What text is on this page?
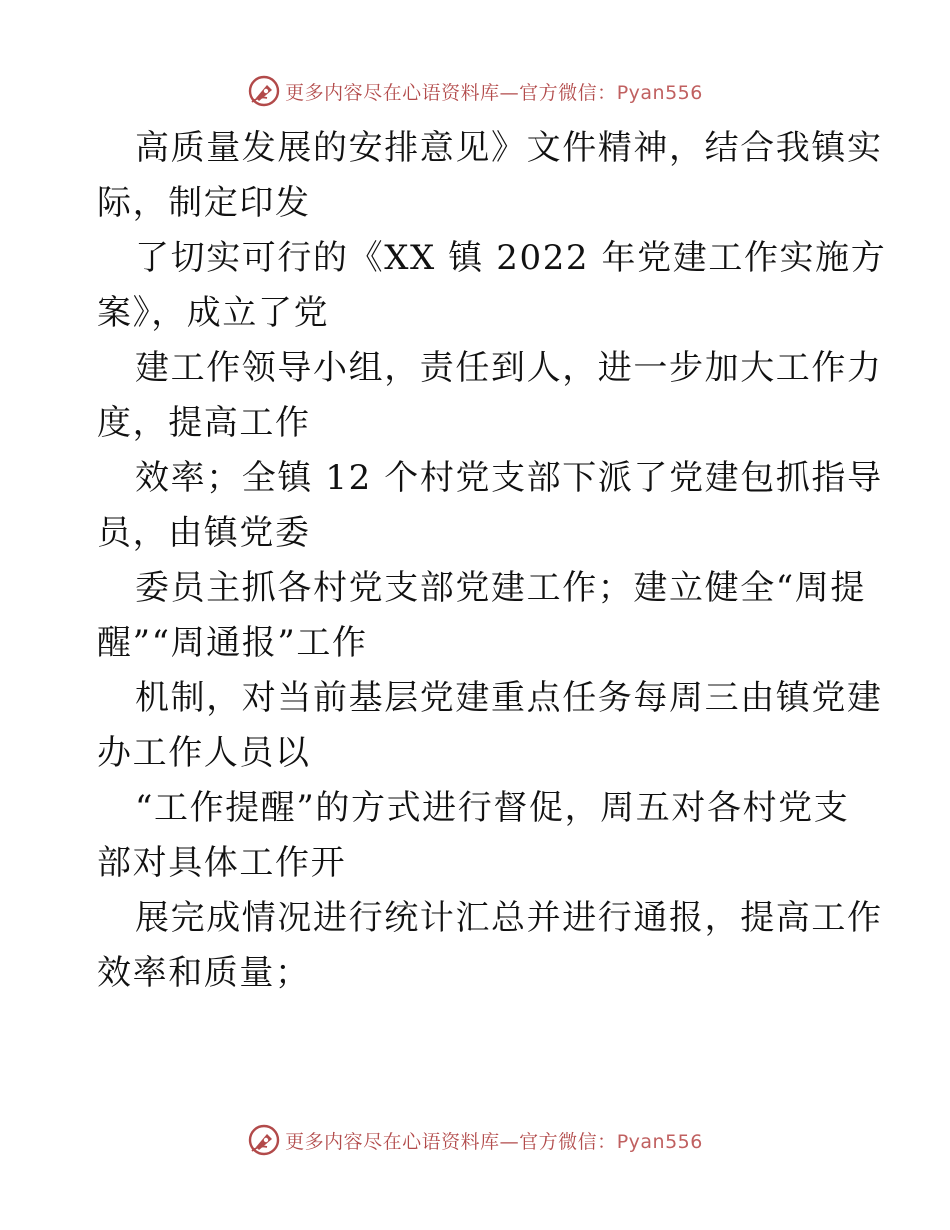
更多内容尽在心语资料库—官方微信：Pyan556

高质量发展的安排意见》文件精神，结合我镇实
际，制定印发

了切实可行的《XX 镇 2022 年党建工作实施方
案》，成立了党

建工作领导小组，责任到人，进一步加大工作力
度，提高工作

效率；全镇 12 个村党支部下派了党建包抓指导
员，由镇党委

委员主抓各村党支部党建工作；建立健全“周提
醒”“周通报”工作

机制，对当前基层党建重点任务每周三由镇党建
办工作人员以

“工作提醒”的方式进行督促，周五对各村党支
部对具体工作开

展完成情况进行统计汇总并进行通报，提高工作
效率和质量；

更多内容尽在心语资料库—官方微信：Pyan556
